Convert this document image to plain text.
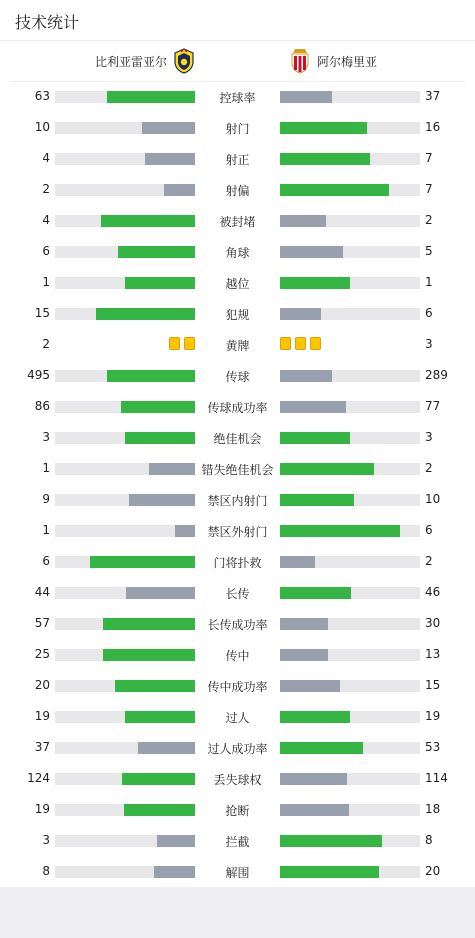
技术统计
比利亚雷亚尔	阿尔梅里亚
63	控球率	37
10	射门	16
4	射正	7
2	射偏	7
4	被封堵	2
6	角球	5
1	越位	1
15	犯规	6
2	黄牌	3
495	传球	289
86	传球成功率	77
3	绝佳机会	3
1	错失绝佳机会	2
9	禁区内射门	10
1	禁区外射门	6
6	门将扑救	2
44	长传	46
57	长传成功率	30
25	传中	13
20	传中成功率	15
19	过人	19
37	过人成功率	53
124	丢失球权	114
19	抢断	18
3	拦截	8
8	解围	20
